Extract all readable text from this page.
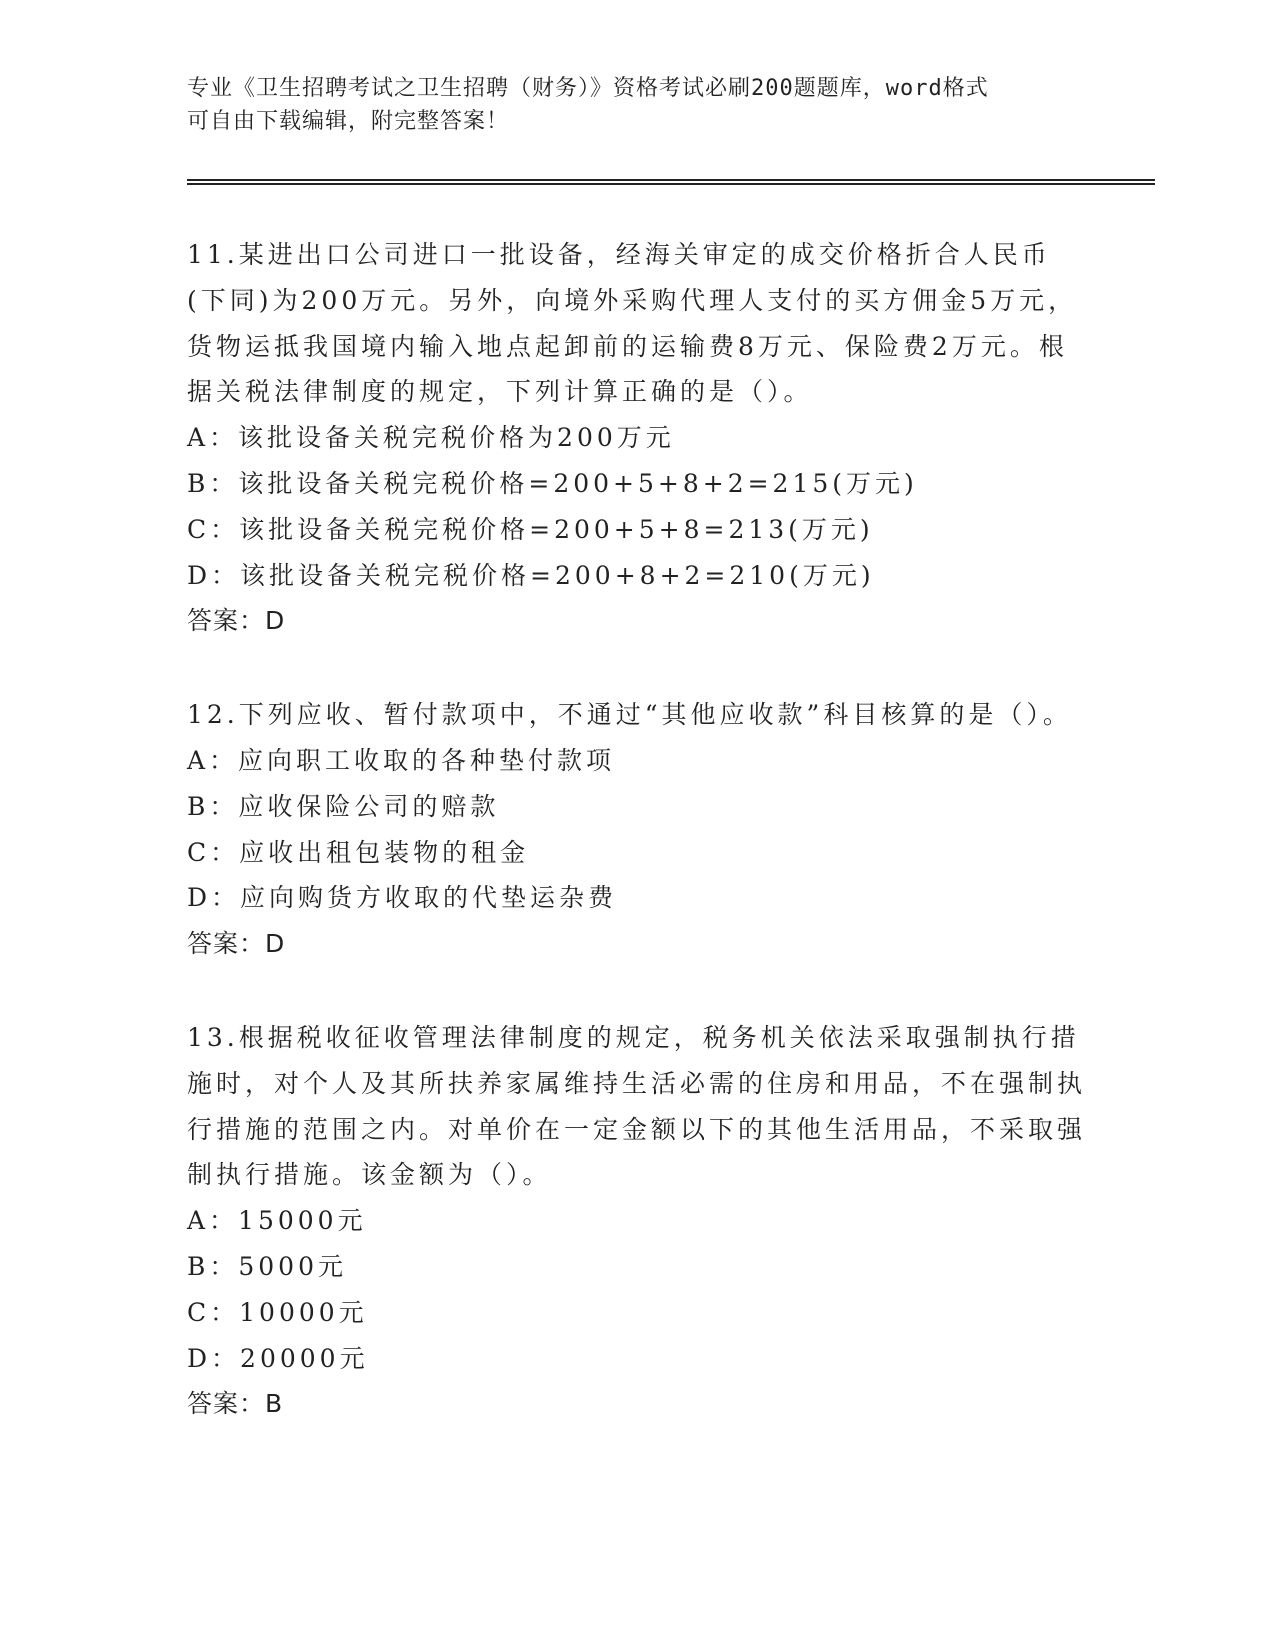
专业《卫生招聘考试之卫生招聘（财务）》资格考试必刷200题题库，word格式
可自由下载编辑，附完整答案！

11.某进出口公司进口一批设备，经海关审定的成交价格折合人民币(下同)为200万元。另外，向境外采购代理人支付的买方佣金5万元，货物运抵我国境内输入地点起卸前的运输费8万元、保险费2万元。根据关税法律制度的规定，下列计算正确的是（）。

A：该批设备关税完税价格为200万元

B：该批设备关税完税价格=200+5+8+2=215(万元)

C：该批设备关税完税价格=200+5+8=213(万元)

D：该批设备关税完税价格=200+8+2=210(万元)

答案：D

12.下列应收、暂付款项中，不通过“其他应收款”科目核算的是（）。

A：应向职工收取的各种垫付款项

B：应收保险公司的赔款

C：应收出租包装物的租金

D：应向购货方收取的代垫运杂费

答案：D

13.根据税收征收管理法律制度的规定，税务机关依法采取强制执行措施时，对个人及其所扶养家属维持生活必需的住房和用品，不在强制执行措施的范围之内。对单价在一定金额以下的其他生活用品，不采取强制执行措施。该金额为（）。

A：15000元

B：5000元

C：10000元

D：20000元

答案：B
